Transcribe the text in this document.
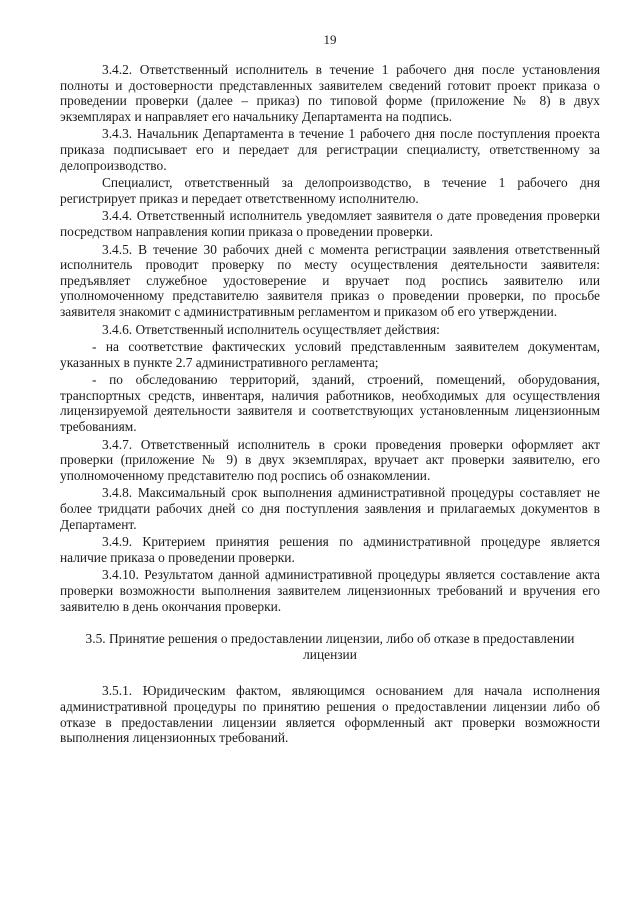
19

3.4.2. Ответственный исполнитель в течение 1 рабочего дня после установления полноты и достоверности представленных заявителем сведений готовит проект приказа о проведении проверки (далее – приказ) по типовой форме (приложение № 8) в двух экземплярах и направляет его начальнику Департамента на подпись.

3.4.3. Начальник Департамента в течение 1 рабочего дня после поступления проекта приказа подписывает его и передает для регистрации специалисту, ответственному за делопроизводство.

Специалист, ответственный за делопроизводство, в течение 1 рабочего дня регистрирует приказ и передает ответственному исполнителю.

3.4.4. Ответственный исполнитель уведомляет заявителя о дате проведения проверки посредством направления копии приказа о проведении проверки.

3.4.5. В течение 30 рабочих дней с момента регистрации заявления ответственный исполнитель проводит проверку по месту осуществления деятельности заявителя: предъявляет служебное удостоверение и вручает под роспись заявителю или уполномоченному представителю заявителя приказ о проведении проверки, по просьбе заявителя знакомит с административным регламентом и приказом об его утверждении.

3.4.6. Ответственный исполнитель осуществляет действия:

- на соответствие фактических условий представленным заявителем документам, указанных в пункте 2.7 административного регламента;

- по обследованию территорий, зданий, строений, помещений, оборудования, транспортных средств, инвентаря, наличия работников, необходимых для осуществления лицензируемой деятельности заявителя и соответствующих установленным лицензионным требованиям.

3.4.7. Ответственный исполнитель в сроки проведения проверки оформляет акт проверки (приложение № 9) в двух экземплярах, вручает акт проверки заявителю, его уполномоченному представителю под роспись об ознакомлении.

3.4.8. Максимальный срок выполнения административной процедуры составляет не более тридцати рабочих дней со дня поступления заявления и прилагаемых документов в Департамент.

3.4.9. Критерием принятия решения по административной процедуре является наличие приказа о проведении проверки.

3.4.10. Результатом данной административной процедуры является составление акта проверки возможности выполнения заявителем лицензионных требований и вручения его заявителю в день окончания проверки.

3.5. Принятие решения о предоставлении лицензии, либо об отказе в предоставлении лицензии

3.5.1. Юридическим фактом, являющимся основанием для начала исполнения административной процедуры по принятию решения о предоставлении лицензии либо об отказе в предоставлении лицензии является оформленный акт проверки возможности выполнения лицензионных требований.
